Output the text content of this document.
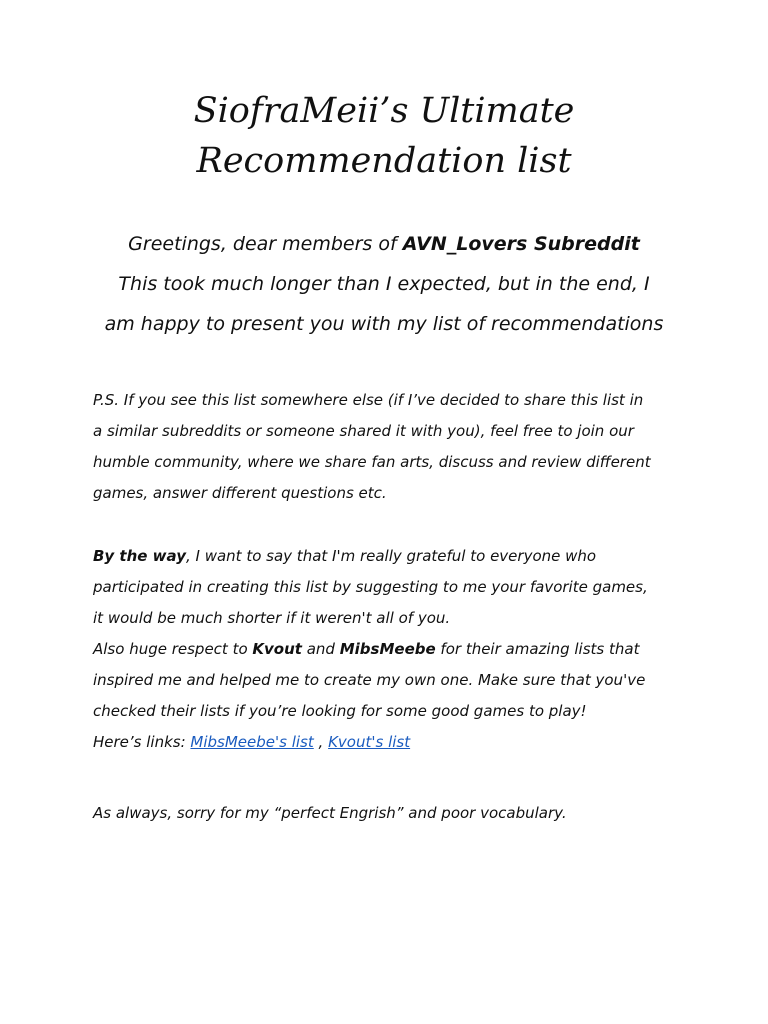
SiofraMeii’s Ultimate
Recommendation list
Greetings, dear members of AVN_Lovers Subreddit
This took much longer than I expected, but in the end, I
am happy to present you with my list of recommendations
P.S. If you see this list somewhere else (if I’ve decided to share this list in
a similar subreddits or someone shared it with you), feel free to join our
humble community, where we share fan arts, discuss and review different
games, answer different questions etc.
By the way, I want to say that I'm really grateful to everyone who
participated in creating this list by suggesting to me your favorite games,
it would be much shorter if it weren't all of you.
Also huge respect to Kvout and MibsMeebe for their amazing lists that
inspired me and helped me to create my own one. Make sure that you've
checked their lists if you’re looking for some good games to play!
Here’s links: MibsMeebe's list , Kvout's list
As always, sorry for my “perfect Engrish” and poor vocabulary.
